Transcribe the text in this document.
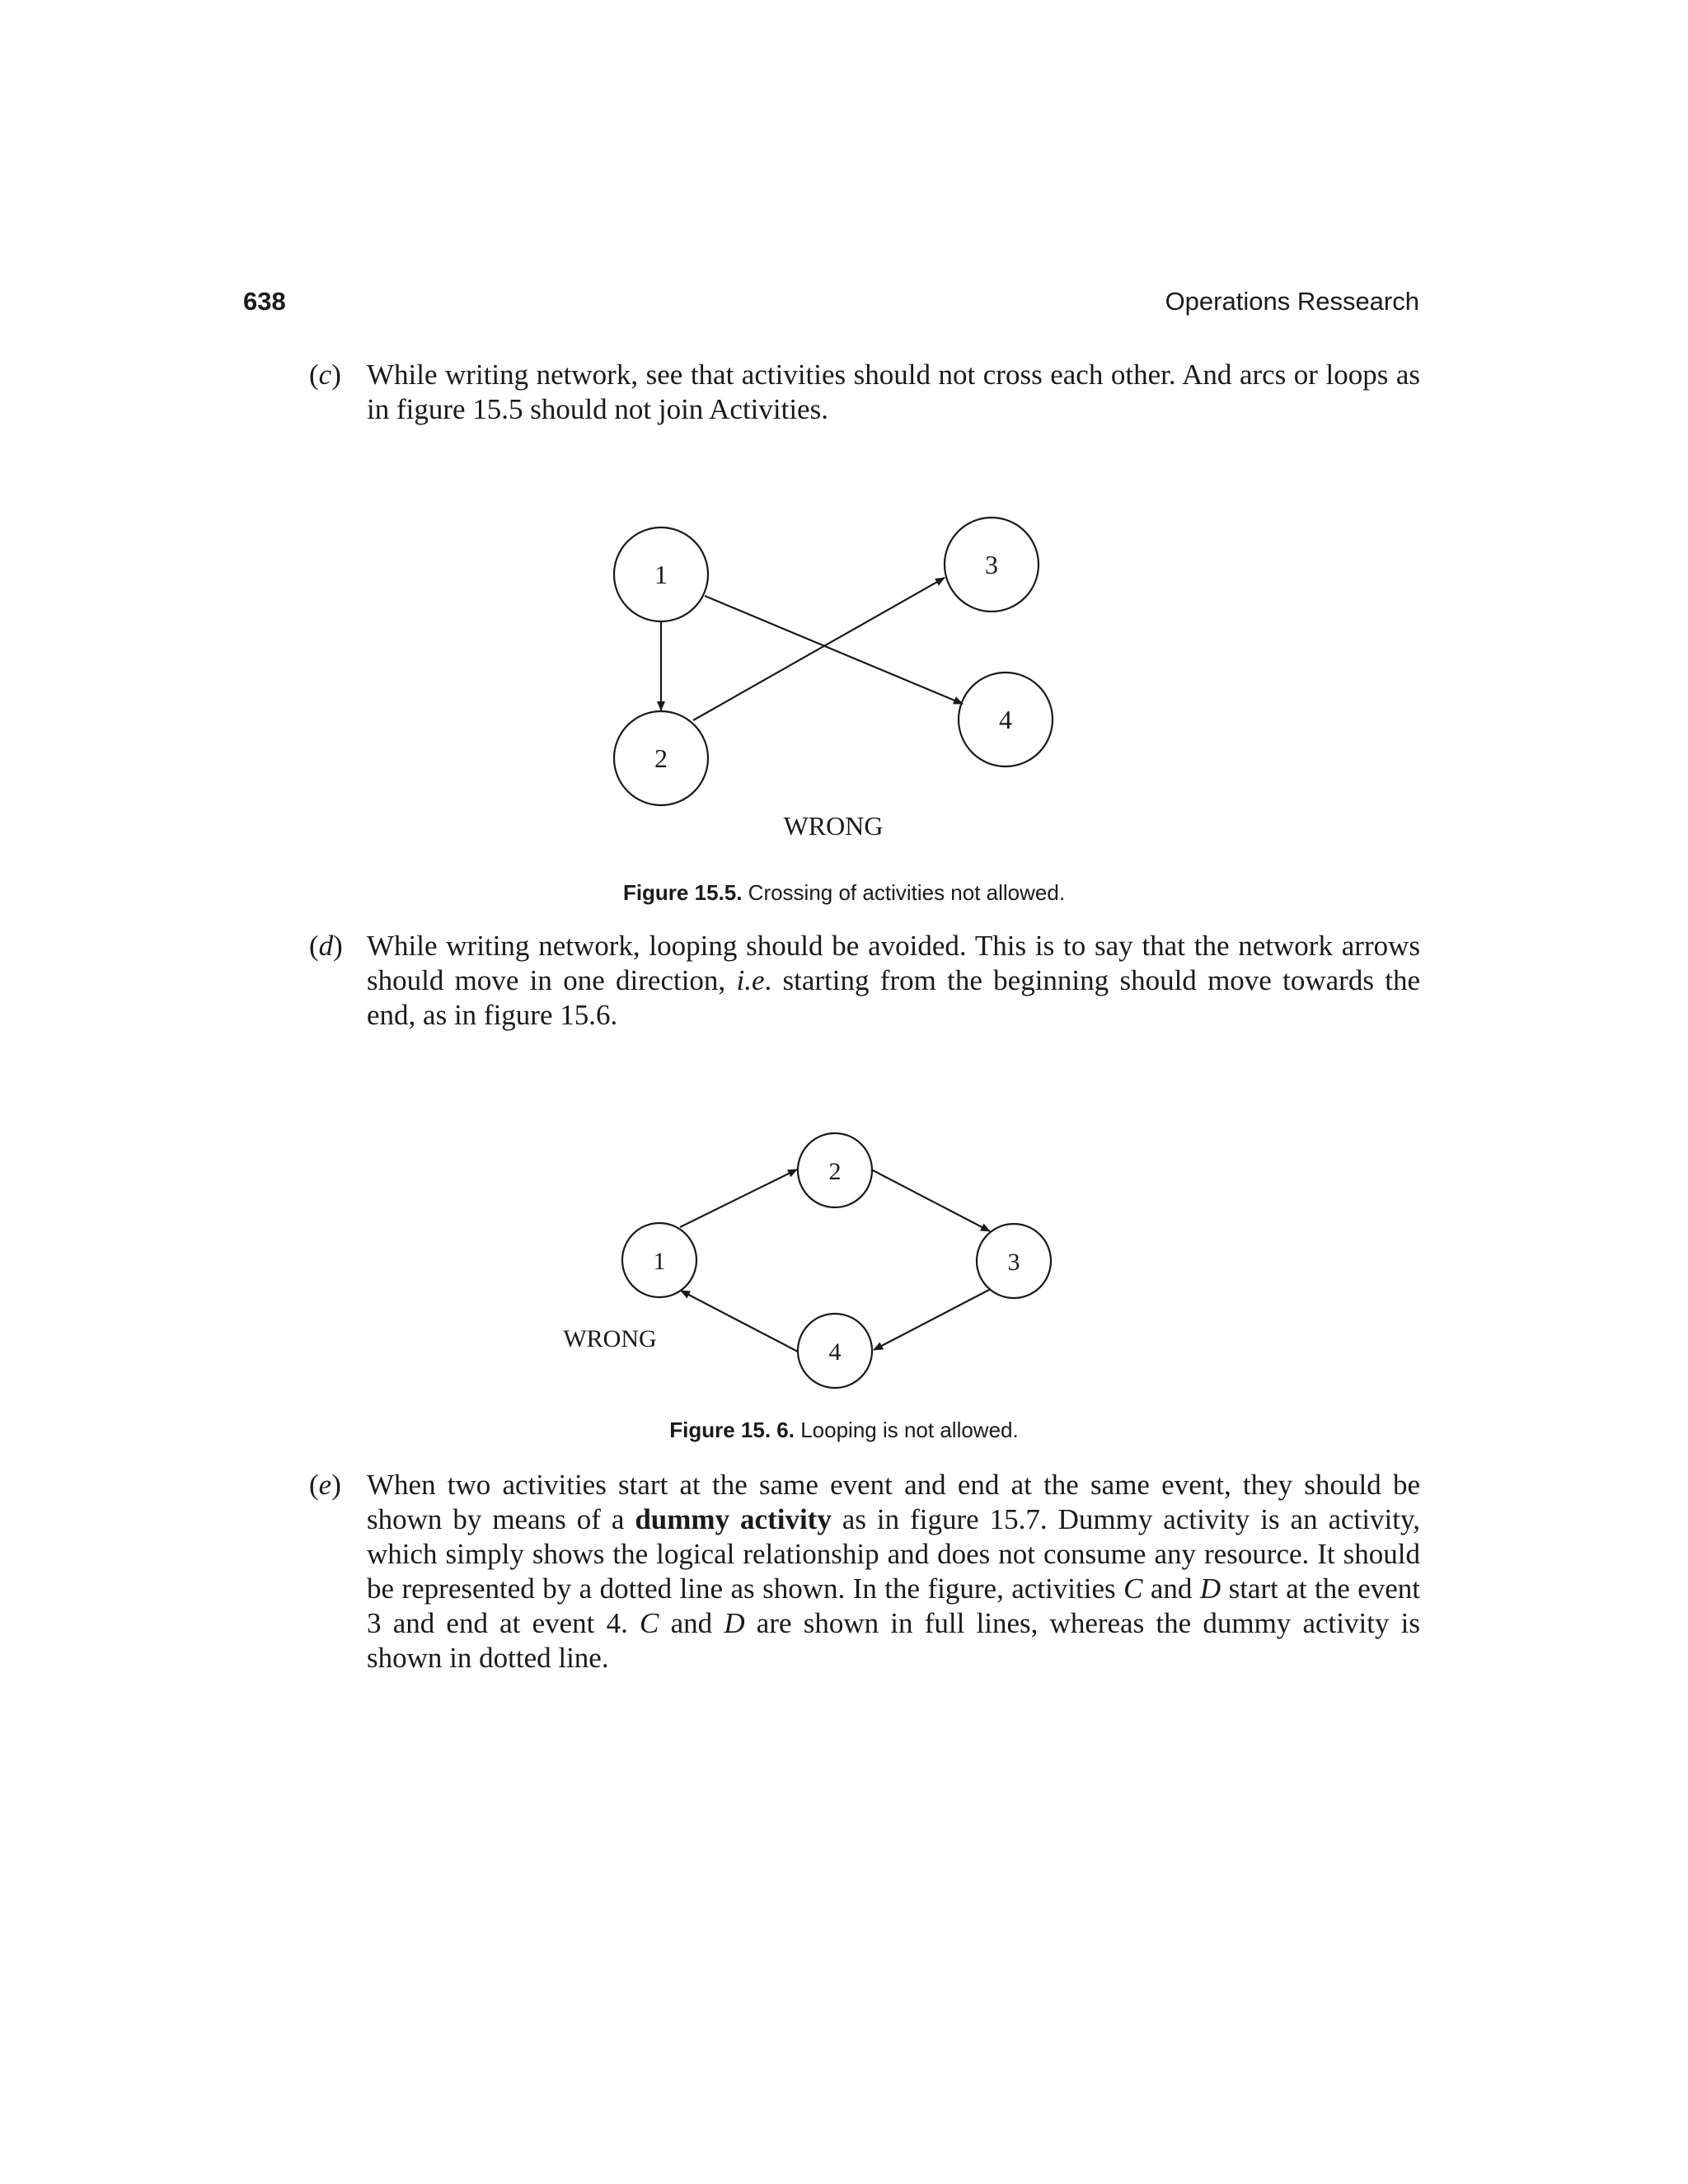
638	Operations Ressearch

(c) While writing network, see that activities should not cross each other. And arcs or loops as in figure 15.5 should not join Activities.
1
2
3
4
WRONG
Figure 15.5. Crossing of activities not allowed.
(d) While writing network, looping should be avoided. This is to say that the network arrows should move in one direction, i.e. starting from the beginning should move towards the end, as in figure 15.6.
1
2
3
4
WRONG
Figure 15. 6. Looping is not allowed.
(e) When two activities start at the same event and end at the same event, they should be shown by means of a dummy activity as in figure 15.7. Dummy activity is an activity, which simply shows the logical relationship and does not consume any resource. It should be represented by a dotted line as shown. In the figure, activities C and D start at the event 3 and end at event 4. C and D are shown in full lines, whereas the dummy activity is shown in dotted line.
